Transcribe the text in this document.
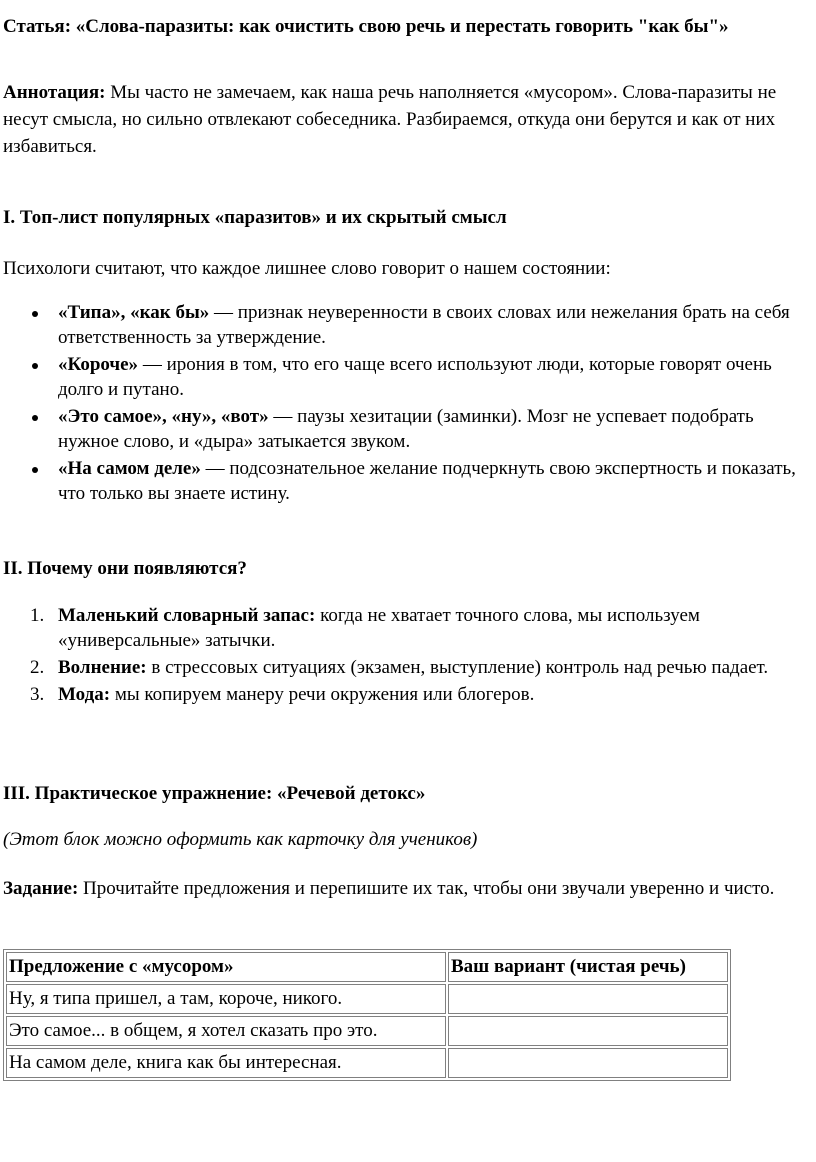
Статья: «Слова-паразиты: как очистить свою речь и перестать говорить "как бы"»
Аннотация: Мы часто не замечаем, как наша речь наполняется «мусором». Слова-паразиты не несут смысла, но сильно отвлекают собеседника. Разбираемся, откуда они берутся и как от них избавиться.
I. Топ-лист популярных «паразитов» и их скрытый смысл
Психологи считают, что каждое лишнее слово говорит о нашем состоянии:
«Типа», «как бы» — признак неуверенности в своих словах или нежелания брать на себя ответственность за утверждение.
«Короче» — ирония в том, что его чаще всего используют люди, которые говорят очень долго и путано.
«Это самое», «ну», «вот» — паузы хезитации (заминки). Мозг не успевает подобрать нужное слово, и «дыра» затыкается звуком.
«На самом деле» — подсознательное желание подчеркнуть свою экспертность и показать, что только вы знаете истину.
II. Почему они появляются?
1. Маленький словарный запас: когда не хватает точного слова, мы используем «универсальные» затычки.
2. Волнение: в стрессовых ситуациях (экзамен, выступление) контроль над речью падает.
3. Мода: мы копируем манеру речи окружения или блогеров.
III. Практическое упражнение: «Речевой детокс»
(Этот блок можно оформить как карточку для учеников)
Задание: Прочитайте предложения и перепишите их так, чтобы они звучали уверенно и чисто.
Предложение с «мусором»	Ваш вариант (чистая речь)
Ну, я типа пришел, а там, короче, никого.	
Это самое... в общем, я хотел сказать про это.	
На самом деле, книга как бы интересная.	
